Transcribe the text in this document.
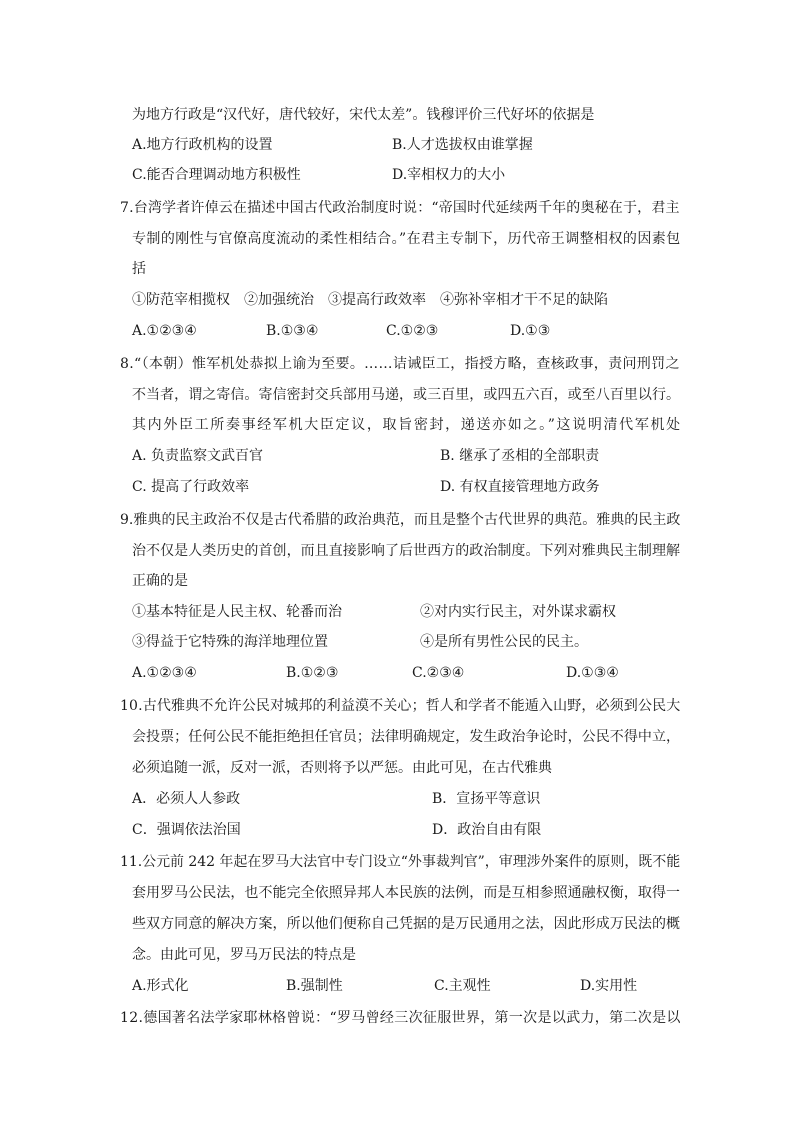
为地方行政是“汉代好，唐代较好，宋代太差”。钱穆评价三代好坏的依据是
A.地方行政机构的设置	B.人才选拔权由谁掌握
C.能否合理调动地方积极性	D.宰相权力的大小
7.台湾学者许倬云在描述中国古代政治制度时说：“帝国时代延续两千年的奥秘在于，君主
专制的刚性与官僚高度流动的柔性相结合。”在君主专制下，历代帝王调整相权的因素包
括
①防范宰相揽权　②加强统治　③提高行政效率　④弥补宰相才干不足的缺陷
A.①②③④	B.①③④	C.①②③	D.①③
8.“（本朝）惟军机处恭拟上谕为至要。……诘诫臣工，指授方略，查核政事，责问刑罚之
不当者，谓之寄信。寄信密封交兵部用马递，或三百里，或四五六百，或至八百里以行。
其内外臣工所奏事经军机大臣定议，取旨密封，递送亦如之。”这说明清代军机处
A. 负责监察文武百官	B. 继承了丞相的全部职责
C. 提高了行政效率	D. 有权直接管理地方政务
9.雅典的民主政治不仅是古代希腊的政治典范，而且是整个古代世界的典范。雅典的民主政
治不仅是人类历史的首创，而且直接影响了后世西方的政治制度。下列对雅典民主制理解
正确的是
①基本特征是人民主权、轮番而治	②对内实行民主，对外谋求霸权
③得益于它特殊的海洋地理位置	④是所有男性公民的民主。
A.①②③④	B.①②③	C.②③④	D.①③④
10.古代雅典不允许公民对城邦的利益漠不关心；哲人和学者不能遁入山野，必须到公民大
会投票；任何公民不能拒绝担任官员；法律明确规定，发生政治争论时，公民不得中立，
必须追随一派，反对一派，否则将予以严惩。由此可见，在古代雅典
A．必须人人参政	B．宣扬平等意识
C．强调依法治国	D．政治自由有限
11.公元前 242 年起在罗马大法官中专门设立“外事裁判官”，审理涉外案件的原则，既不能
套用罗马公民法，也不能完全依照异邦人本民族的法例，而是互相参照通融权衡，取得一
些双方同意的解决方案，所以他们便称自己凭据的是万民通用之法，因此形成万民法的概
念。由此可见，罗马万民法的特点是
A.形式化	B.强制性	C.主观性	D.实用性
12.德国著名法学家耶林格曾说：“罗马曾经三次征服世界，第一次是以武力，第二次是以
